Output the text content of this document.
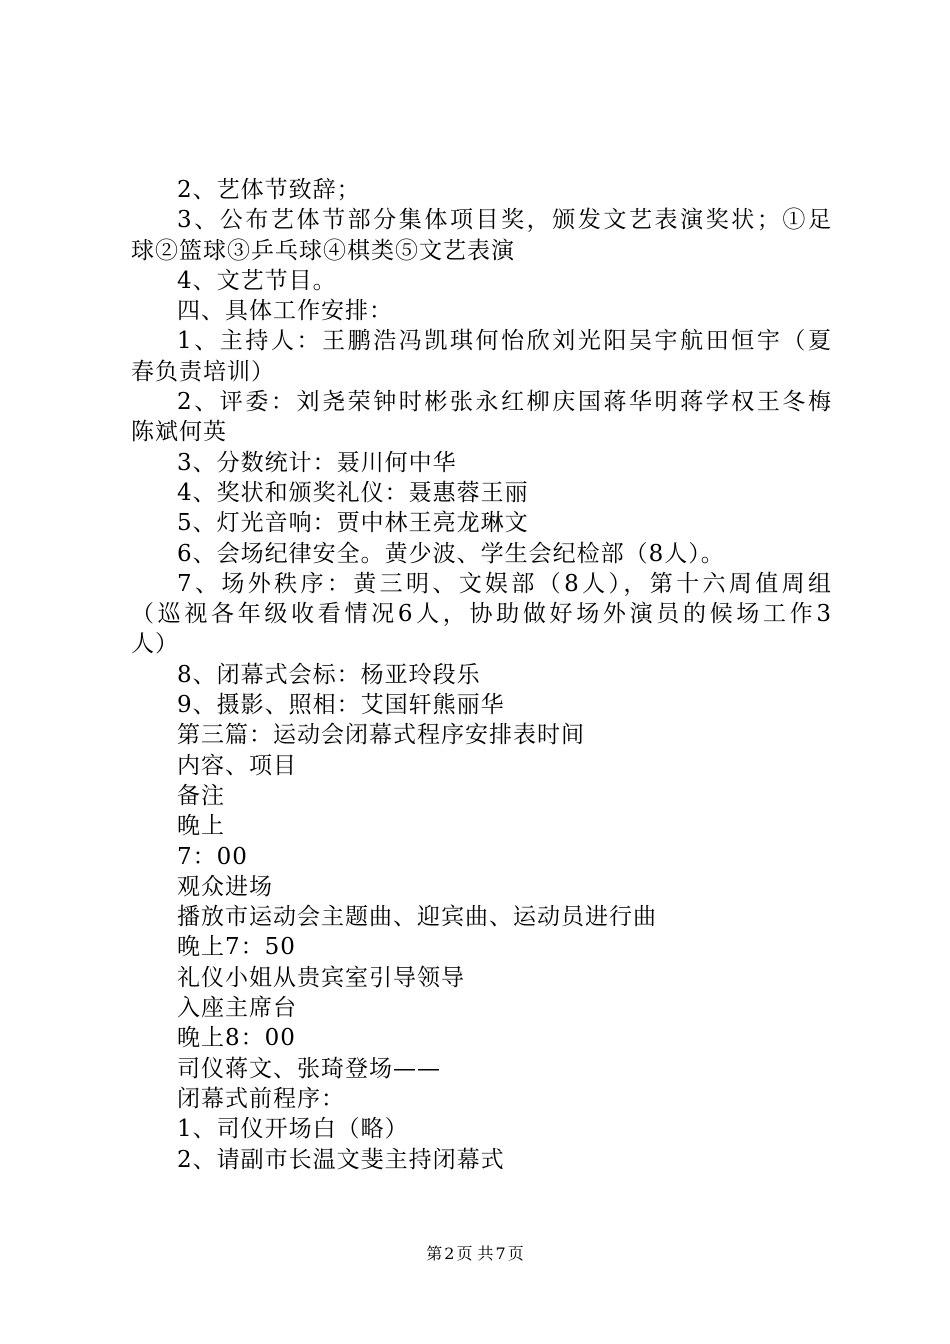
2、艺体节致辞；
3、公布艺体节部分集体项目奖，颁发文艺表演奖状；①足
球②篮球③乒乓球④棋类⑤文艺表演
4、文艺节目。
四、具体工作安排：
1、主持人：王鹏浩冯凯琪何怡欣刘光阳吴宇航田恒宇（夏
春负责培训）
2、评委：刘尧荣钟时彬张永红柳庆国蒋华明蒋学权王冬梅
陈斌何英
3、分数统计：聂川何中华
4、奖状和颁奖礼仪：聂惠蓉王丽
5、灯光音响：贾中林王亮龙琳文
6、会场纪律安全。黄少波、学生会纪检部（8人）。
7、场外秩序：黄三明、文娱部（8人），第十六周值周组
（巡视各年级收看情况6人，协助做好场外演员的候场工作3
人）
8、闭幕式会标：杨亚玲段乐
9、摄影、照相：艾国轩熊丽华
第三篇：运动会闭幕式程序安排表时间
内容、项目
备注
晚上
7：00
观众进场
播放市运动会主题曲、迎宾曲、运动员进行曲
晚上7：50
礼仪小姐从贵宾室引导领导
入座主席台
晚上8：00
司仪蒋文、张琦登场——
闭幕式前程序：
1、司仪开场白（略）
2、请副市长温文斐主持闭幕式
第 2 页 共 7 页
